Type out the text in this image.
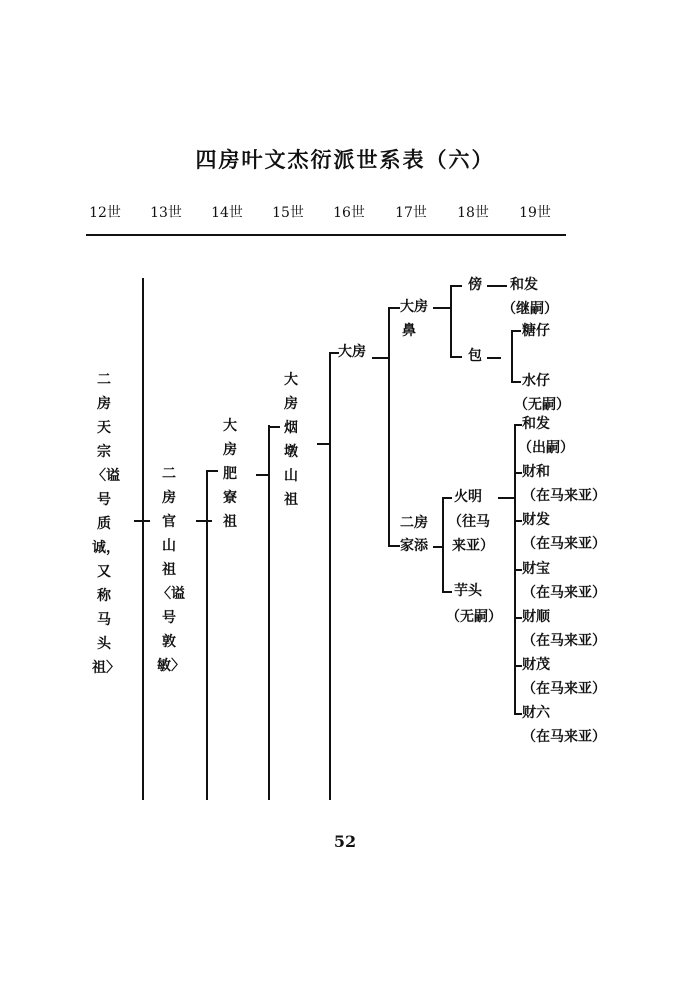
四房叶文杰衍派世系表（六）
12世	13世	14世	15世	16世	17世	18世	19世
二房天宗〈谥号质诚，又称马头祖〉
二房官山祖〈谥号敦敏〉
大房肥寮祖
大房烟墩山祖
大房
大房
鼻
二房
家添
傍
包
火明
（往马
来亚）
芋头
（无嗣）
和发
（继嗣）
糖仔
水仔
（无嗣）
和发
（出嗣）
财和
（在马来亚）
财发
（在马来亚）
财宝
（在马来亚）
财顺
（在马来亚）
财茂
（在马来亚）
财六
（在马来亚）
52
